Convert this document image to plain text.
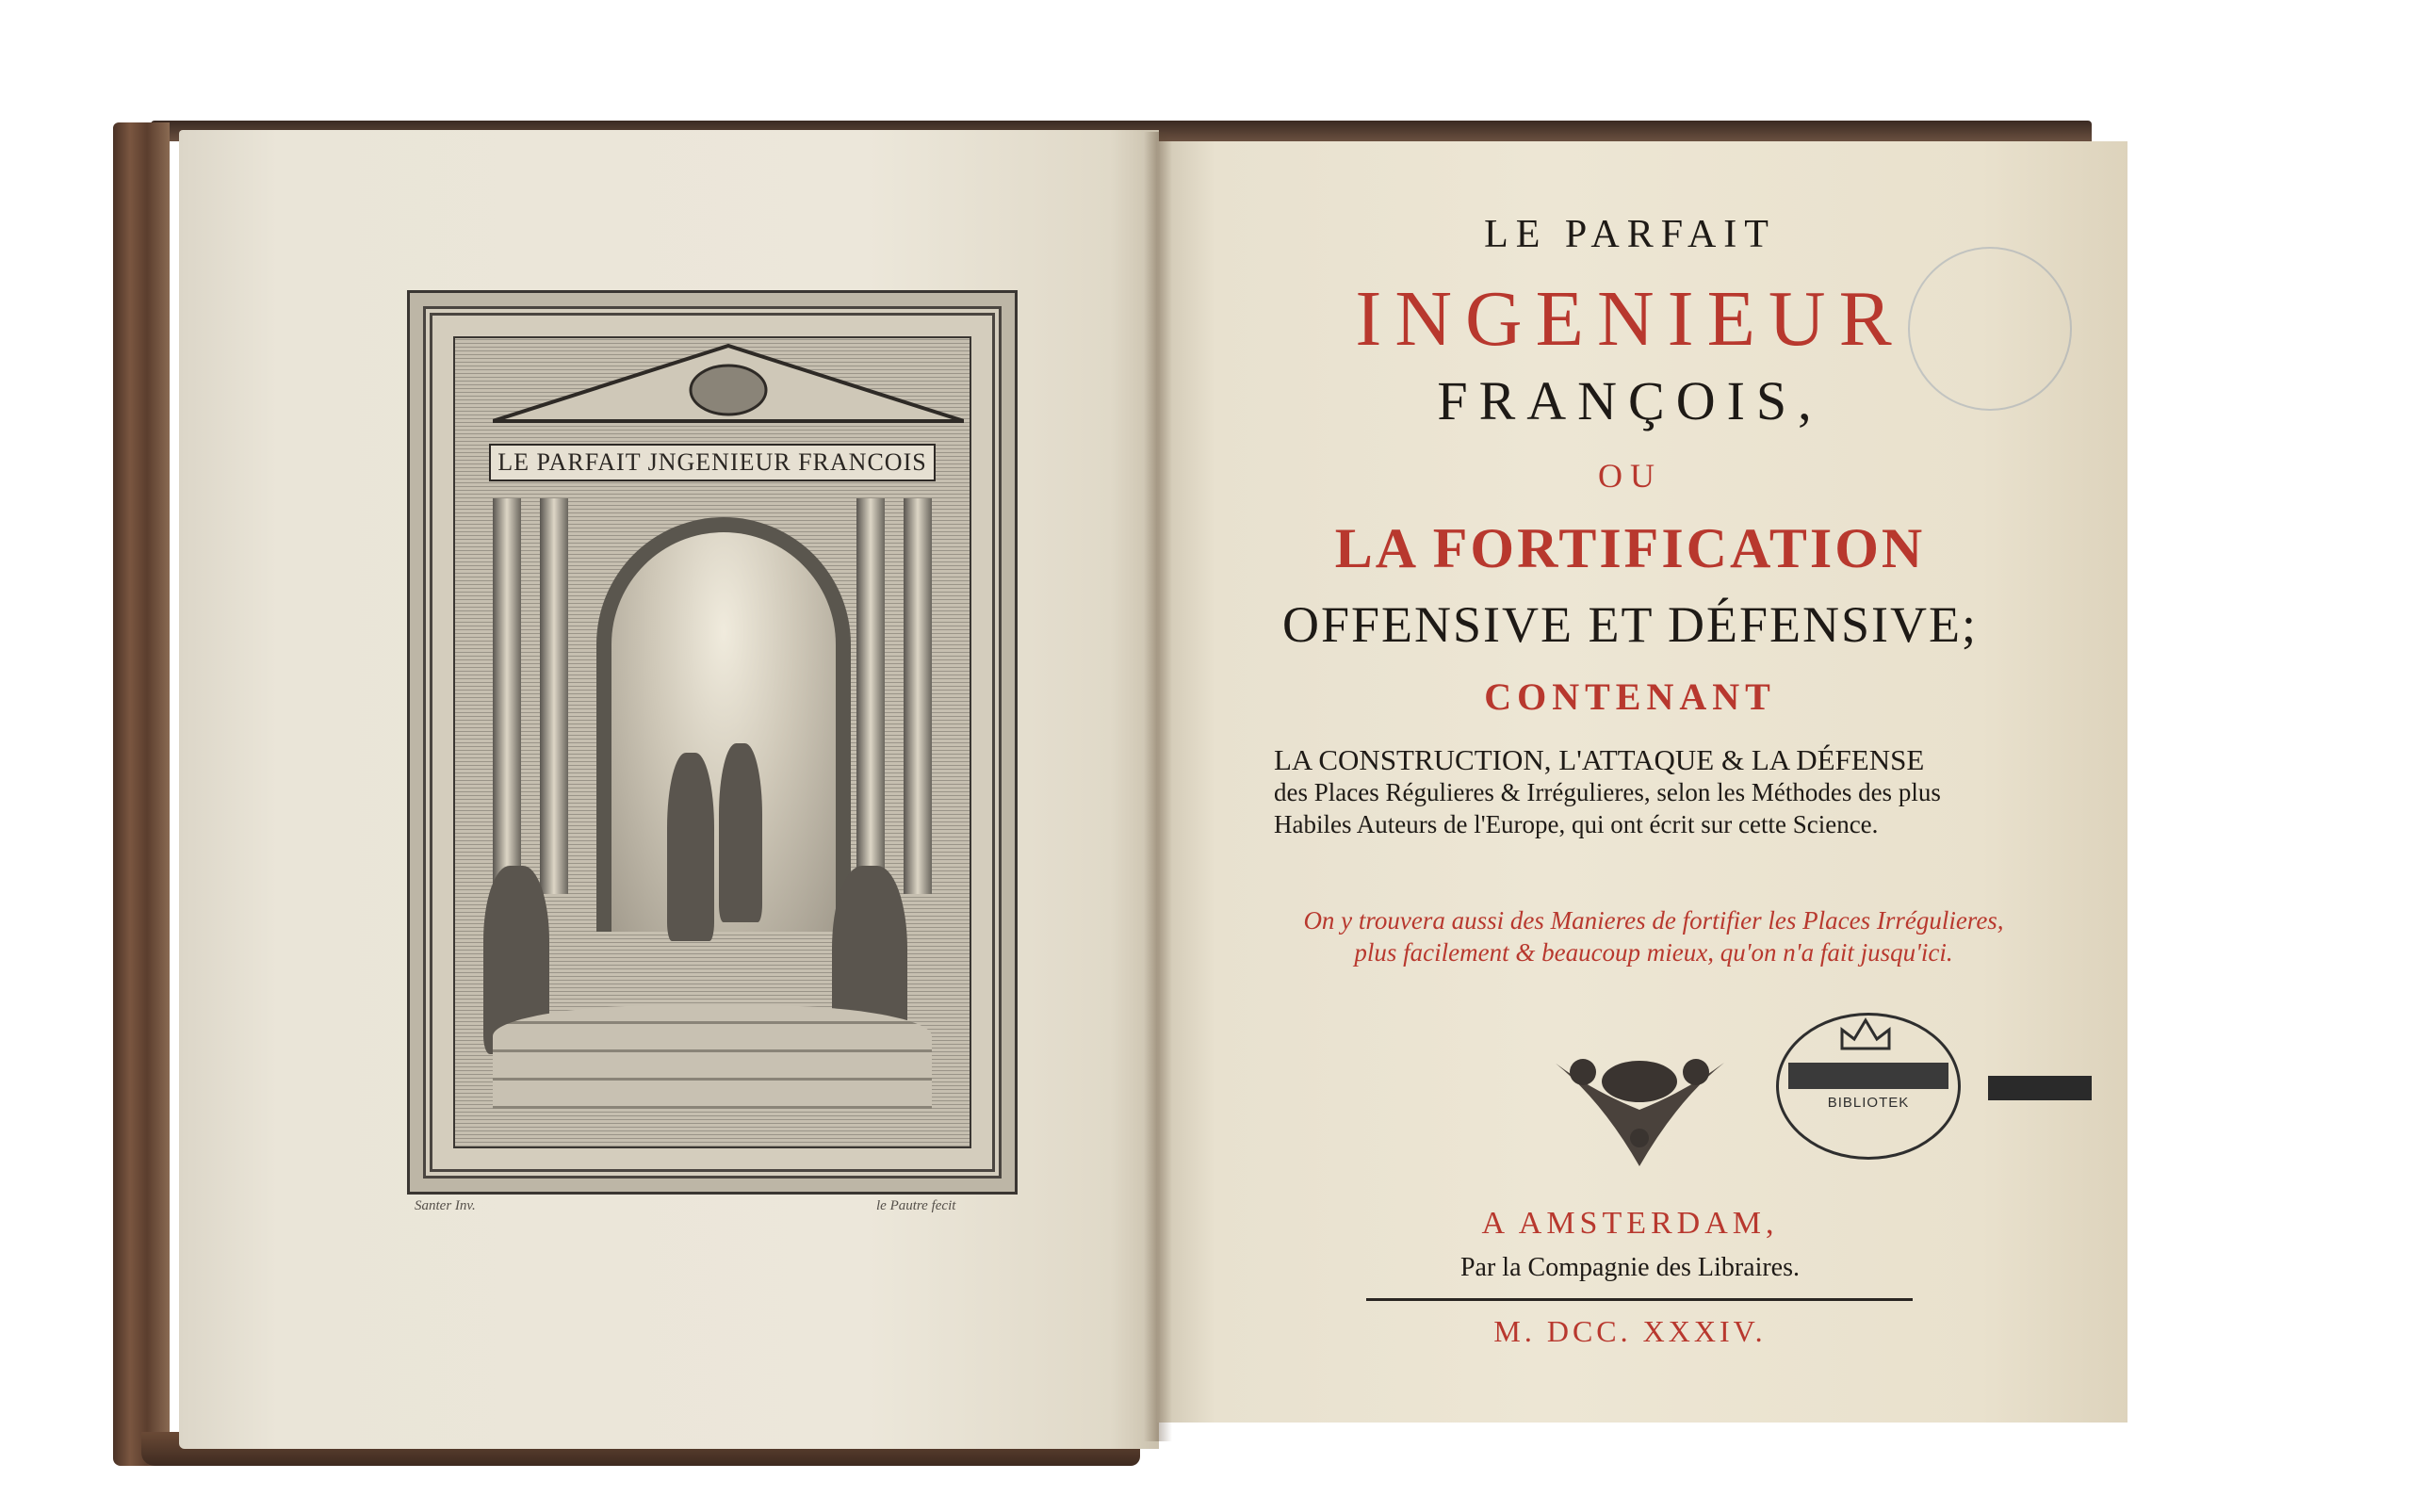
LE PARFAIT JNGENIEUR FRANCOIS
Santer Inv.	le Pautre fecit
LE PARFAIT
INGENIEUR
FRANÇOIS,
OU
LA FORTIFICATION
OFFENSIVE ET DÉFENSIVE;
CONTENANT
LA CONSTRUCTION, L'ATTAQUE & LA DÉFENSE
des Places Régulieres & Irrégulieres, selon les Méthodes des plus Habiles Auteurs de l'Europe, qui ont écrit sur cette Science.
On y trouvera aussi des Manieres de fortifier les Places Irrégulieres, plus facilement & beaucoup mieux, qu'on n'a fait jusqu'ici.
BIBLIOTEK
A AMSTERDAM,
Par la Compagnie des Libraires.
M. DCC. XXXIV.
